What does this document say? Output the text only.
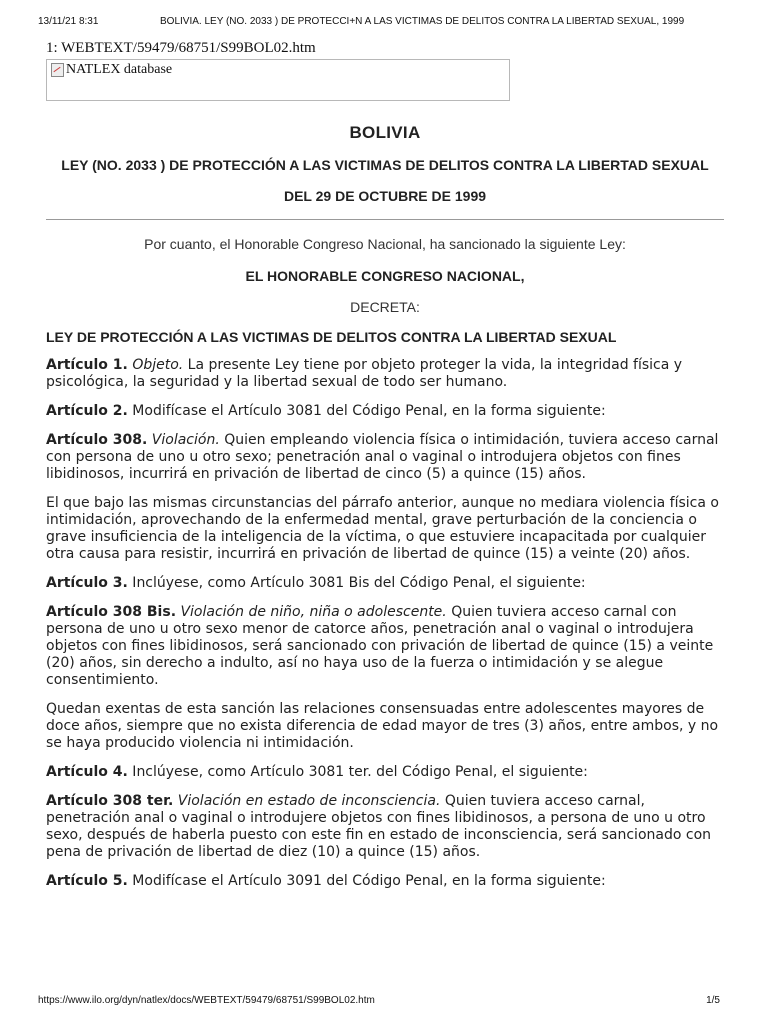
13/11/21 8:31	BOLIVIA. LEY (NO. 2033 ) DE PROTECCI+N A LAS VICTIMAS DE DELITOS CONTRA LA LIBERTAD SEXUAL, 1999
1: WEBTEXT/59479/68751/S99BOL02.htm
NATLEX database
BOLIVIA
LEY (NO. 2033 ) DE PROTECCIÓN A LAS VICTIMAS DE DELITOS CONTRA LA LIBERTAD SEXUAL
DEL 29 DE OCTUBRE DE 1999
Por cuanto, el Honorable Congreso Nacional, ha sancionado la siguiente Ley:
EL HONORABLE CONGRESO NACIONAL,
DECRETA:
LEY DE PROTECCIÓN A LAS VICTIMAS DE DELITOS CONTRA LA LIBERTAD SEXUAL

Artículo 1. Objeto. La presente Ley tiene por objeto proteger la vida, la integridad física y psicológica, la seguridad y la libertad sexual de todo ser humano.

Artículo 2. Modifícase el Artículo 3081 del Código Penal, en la forma siguiente:

Artículo 308. Violación. Quien empleando violencia física o intimidación, tuviera acceso carnal con persona de uno u otro sexo; penetración anal o vaginal o introdujera objetos con fines libidinosos, incurrirá en privación de libertad de cinco (5) a quince (15) años.

El que bajo las mismas circunstancias del párrafo anterior, aunque no mediara violencia física o intimidación, aprovechando de la enfermedad mental, grave perturbación de la conciencia o grave insuficiencia de la inteligencia de la víctima, o que estuviere incapacitada por cualquier otra causa para resistir, incurrirá en privación de libertad de quince (15) a veinte (20) años.

Artículo 3. Inclúyese, como Artículo 3081 Bis del Código Penal, el siguiente:

Artículo 308 Bis. Violación de niño, niña o adolescente. Quien tuviera acceso carnal con persona de uno u otro sexo menor de catorce años, penetración anal o vaginal o introdujera objetos con fines libidinosos, será sancionado con privación de libertad de quince (15) a veinte (20) años, sin derecho a indulto, así no haya uso de la fuerza o intimidación y se alegue consentimiento.

Quedan exentas de esta sanción las relaciones consensuadas entre adolescentes mayores de doce años, siempre que no exista diferencia de edad mayor de tres (3) años, entre ambos, y no se haya producido violencia ni intimidación.

Artículo 4. Inclúyese, como Artículo 3081 ter. del Código Penal, el siguiente:

Artículo 308 ter. Violación en estado de inconsciencia. Quien tuviera acceso carnal, penetración anal o vaginal o introdujere objetos con fines libidinosos, a persona de uno u otro sexo, después de haberla puesto con este fin en estado de inconsciencia, será sancionado con pena de privación de libertad de diez (10) a quince (15) años.

Artículo 5. Modifícase el Artículo 3091 del Código Penal, en la forma siguiente:

https://www.ilo.org/dyn/natlex/docs/WEBTEXT/59479/68751/S99BOL02.htm	1/5
